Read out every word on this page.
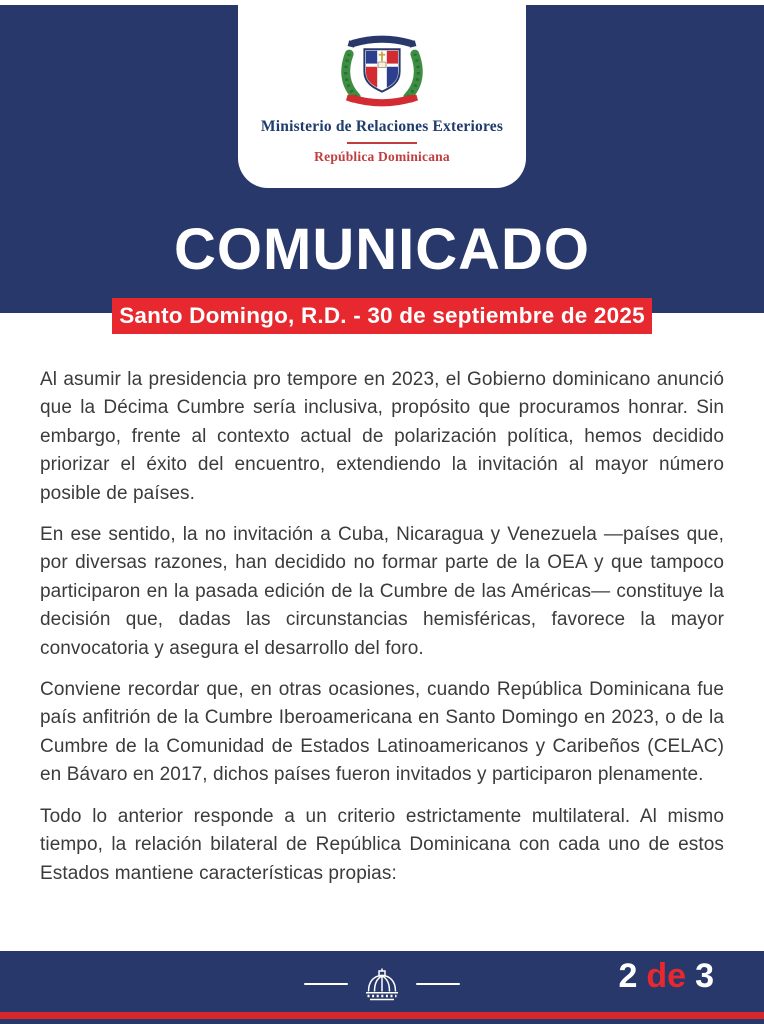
Ministerio de Relaciones Exteriores
República Dominicana
COMUNICADO
Santo Domingo, R.D. - 30 de septiembre de 2025

Al asumir la presidencia pro tempore en 2023, el Gobierno dominicano anunció que la Décima Cumbre sería inclusiva, propósito que procuramos honrar. Sin embargo, frente al contexto actual de polarización política, hemos decidido priorizar el éxito del encuentro, extendiendo la invitación al mayor número posible de países.

En ese sentido, la no invitación a Cuba, Nicaragua y Venezuela —países que, por diversas razones, han decidido no formar parte de la OEA y que tampoco participaron en la pasada edición de la Cumbre de las Américas— constituye la decisión que, dadas las circunstancias hemisféricas, favorece la mayor convocatoria y asegura el desarrollo del foro.

Conviene recordar que, en otras ocasiones, cuando República Dominicana fue país anfitrión de la Cumbre Iberoamericana en Santo Domingo en 2023, o de la Cumbre de la Comunidad de Estados Latinoamericanos y Caribeños (CELAC) en Bávaro en 2017, dichos países fueron invitados y participaron plenamente.

Todo lo anterior responde a un criterio estrictamente multilateral. Al mismo tiempo, la relación bilateral de República Dominicana con cada uno de estos Estados mantiene características propias:

2 de 3
